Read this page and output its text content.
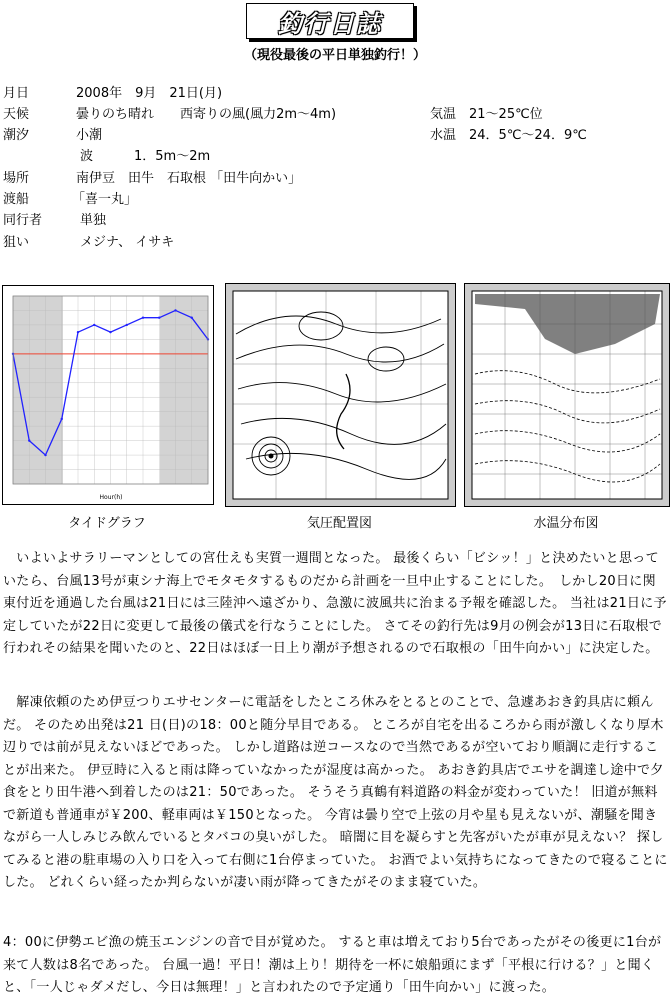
釣行日誌
（現役最後の平日単独釣行！）
月日	2008年　9月　21日(月)
天候	曇りのち晴れ　　西寄りの風(風力2m〜4m)	気温　21〜25℃位
潮汐	小潮	水温　24．5℃〜24．9℃
波	1．5m〜2m
場所	南伊豆　田牛　石取根 「田牛向かい」
渡船	「喜一丸」
同行者	単独
狙い	メジナ、 イサキ
Hour(h)
タイドグラフ	気圧配置図	水温分布図
　いよいよサラリーマンとしての宮仕えも実質一週間となった。 最後くらい「ビシッ！」と決めたいと思っていたら、台風13号が東シナ海上でモタモタするものだから計画を一旦中止することにした。　しかし20日に関東付近を通過した台風は21日には三陸沖へ遠ざかり、急激に波風共に治まる予報を確認した。 当社は21日に予定していたが22日に変更して最後の儀式を行なうことにした。 さてその釣行先は9月の例会が13日に石取根で行われその結果を聞いたのと、22日はほぼ一日上り潮が予想されるので石取根の「田牛向かい」に決定した。
　解凍依頼のため伊豆つりエサセンターに電話をしたところ休みをとるとのことで、急遽あおき釣具店に頼んだ。 そのため出発は21 日(日)の18：00と随分早目である。 ところが自宅を出るころから雨が激しくなり厚木辺りでは前が見えないほどであった。 しかし道路は逆コースなので当然であるが空いており順調に走行することが出来た。 伊豆時に入ると雨は降っていなかったが湿度は高かった。 あおき釣具店でエサを調達し途中で夕食をとり田牛港へ到着したのは21：50であった。 そうそう真鶴有料道路の料金が変わっていた！ 旧道が無料で新道も普通車が￥200、軽車両は￥150となった。 今宵は曇り空で上弦の月や星も見えないが、潮騒を聞きながら一人しみじみ飲んでいるとタバコの臭いがした。 暗闇に目を凝らすと先客がいたが車が見えない？ 探してみると港の駐車場の入り口を入って右側に1台停まっていた。 お酒でよい気持ちになってきたので寝ることにした。 どれくらい経ったか判らないが凄い雨が降ってきたがそのまま寝ていた。
4：00に伊勢エビ漁の焼玉エンジンの音で目が覚めた。 すると車は増えており5台であったがその後更に1台が来て人数は8名であった。 台風一過！平日！潮は上り！期待を一杯に娘船頭にまず「平根に行ける？」と聞くと、「一人じゃダメだし、今日は無理！」と言われたので予定通り「田牛向かい」に渡った。
